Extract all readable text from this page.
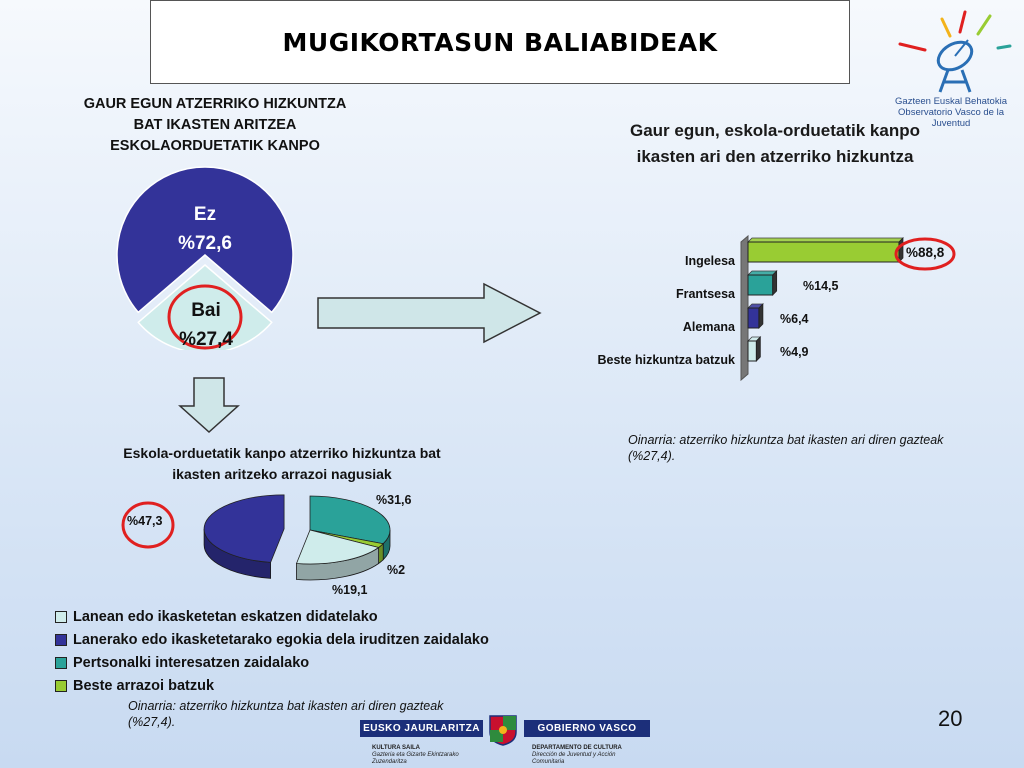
MUGIKORTASUN BALIABIDEAK
Gazteen Euskal Behatokia
Observatorio Vasco de la Juventud
GAUR EGUN ATZERRIKO HIZKUNTZA
BAT IKASTEN ARITZEA
ESKOLAORDUETATIK KANPO
Ez
%72,6
Bai
%27,4
Gaur egun, eskola-orduetatik kanpo
ikasten ari den atzerriko hizkuntza
Ingelesa
Frantsesa
Alemana
Beste hizkuntza batzuk
%88,8
%14,5
%6,4
%4,9
Oinarria: atzerriko hizkuntza bat ikasten ari diren gazteak
(%27,4).
Eskola-orduetatik kanpo atzerriko hizkuntza bat
ikasten aritzeko arrazoi nagusiak
%31,6
%47,3
%2
%19,1
Lanean edo ikasketetan eskatzen didatelako
Lanerako edo ikasketetarako egokia dela iruditzen zaidalako
Pertsonalki interesatzen zaidalako
Beste arrazoi batzuk
Oinarria: atzerriko hizkuntza bat ikasten ari diren gazteak
(%27,4).	EUSKO JAURLARITZA	GOBIERNO VASCO
KULTURA SAILA
Gazteria eta Gizarte Ekintzarako
Zuzendaritza
DEPARTAMENTO DE CULTURA
Dirección de Juventud y Acción
Comunitaria
20
